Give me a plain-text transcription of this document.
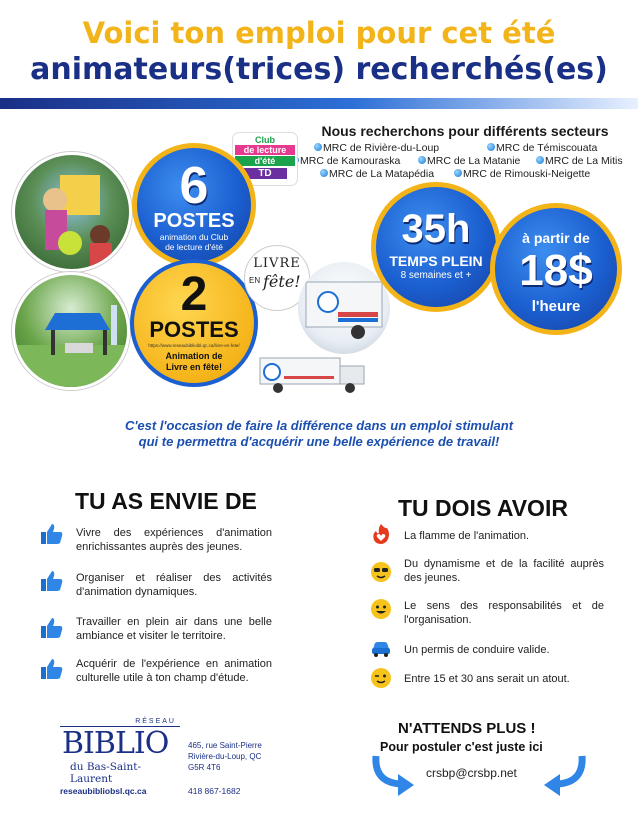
Voici ton emploi pour cet été
animateurs(trices) recherchés(es)
Nous recherchons pour différents secteurs
MRC de Rivière-du-Loup	MRC de Témiscouata
MRC de Kamouraska	MRC de La Matanie	MRC de La Mitis
MRC de La Matapédia	MRC de Rimouski-Neigette
Club
de lecture
d'été
TD
6
POSTES
animation du Club
de lecture d'été
2
POSTES
https://www.reseaubiblioibl.qc.ca/livre-en-fete/
Animation de
Livre en fête!
LIVRE
EN fête!
35h
TEMPS PLEIN
8 semaines et +
à partir de
18$
l'heure
C'est l'occasion de faire la différence dans un emploi stimulant
qui te permettra d'acquérir une belle expérience de travail!
TU AS ENVIE DE
Vivre des expériences d'animation enrichissantes auprès des jeunes.
Organiser et réaliser des activités d'animation dynamiques.
Travailler en plein air dans une belle ambiance et visiter le territoire.
Acquérir de l'expérience en animation culturelle utile à ton champ d'étude.
TU DOIS AVOIR
La flamme de l'animation.
Du dynamisme et de la facilité auprès des jeunes.
Le sens des responsabilités et de l'organisation.
Un permis de conduire valide.
Entre 15 et 30 ans serait un atout.
RÉSEAU
BIBLIO
du Bas-Saint-Laurent
reseaubibliobsl.qc.ca
465, rue Saint-Pierre
Rivière-du-Loup, QC
G5R 4T6
418 867-1682
N'ATTENDS PLUS !
Pour postuler c'est juste ici
crsbp@crsbp.net
